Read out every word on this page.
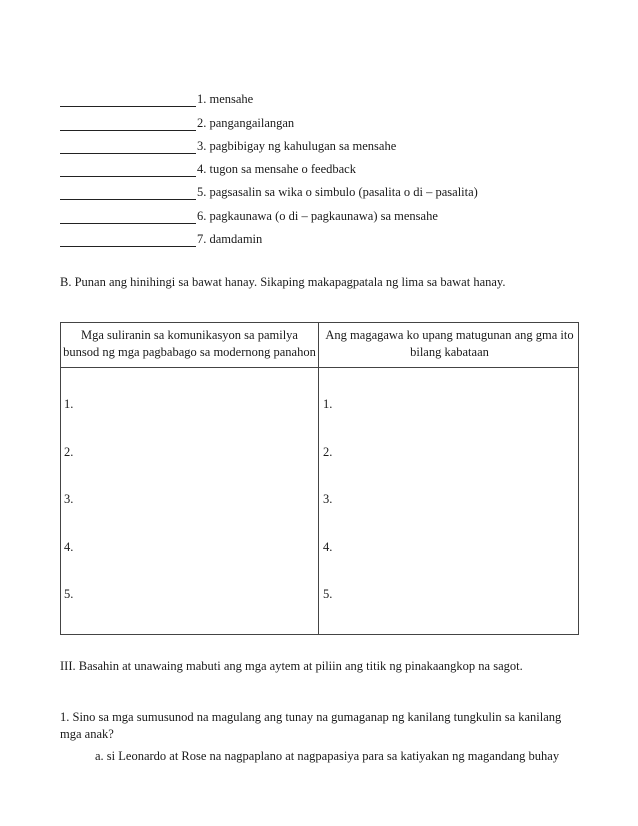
1. mensahe
2. pangangailangan
3. pagbibigay ng kahulugan sa mensahe
4. tugon sa mensahe o feedback
5. pagsasalin sa wika o simbulo (pasalita o di – pasalita)
6. pagkaunawa (o di – pagkaunawa) sa mensahe
7. damdamin
B. Punan ang hinihingi sa bawat hanay. Sikaping makapagpatala ng lima sa bawat hanay.
Mga suliranin sa komunikasyon sa pamilya
bunsod ng mga pagbabago sa modernong panahon
Ang magagawa ko upang matugunan ang gma ito
bilang kabataan
1.
2.
3.
4.
5.
1.
2.
3.
4.
5.
III. Basahin at unawaing mabuti ang mga aytem at piliin ang titik ng pinakaangkop na sagot.
1. Sino sa mga sumusunod na magulang ang tunay na gumaganap ng kanilang tungkulin sa kanilang mga anak?
a. si Leonardo at Rose na nagpaplano at nagpapasiya para sa katiyakan ng magandang buhay
